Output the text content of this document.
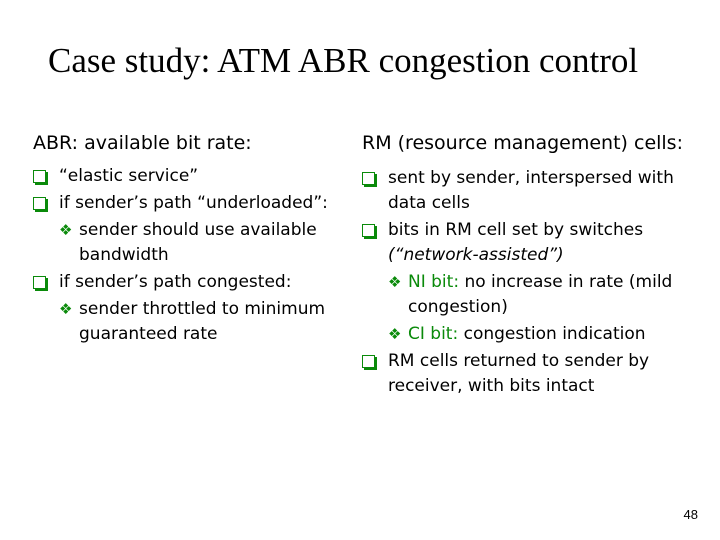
Case study: ATM ABR congestion control
ABR: available bit rate:
“elastic service”
if sender’s path “underloaded”:
❖ sender should use available bandwidth
if sender’s path congested:
❖ sender throttled to minimum guaranteed rate
RM (resource management) cells:
sent by sender, interspersed with data cells
bits in RM cell set by switches
(“network-assisted”)
❖ NI bit: no increase in rate (mild congestion)
❖ CI bit: congestion indication
RM cells returned to sender by receiver, with bits intact
48
